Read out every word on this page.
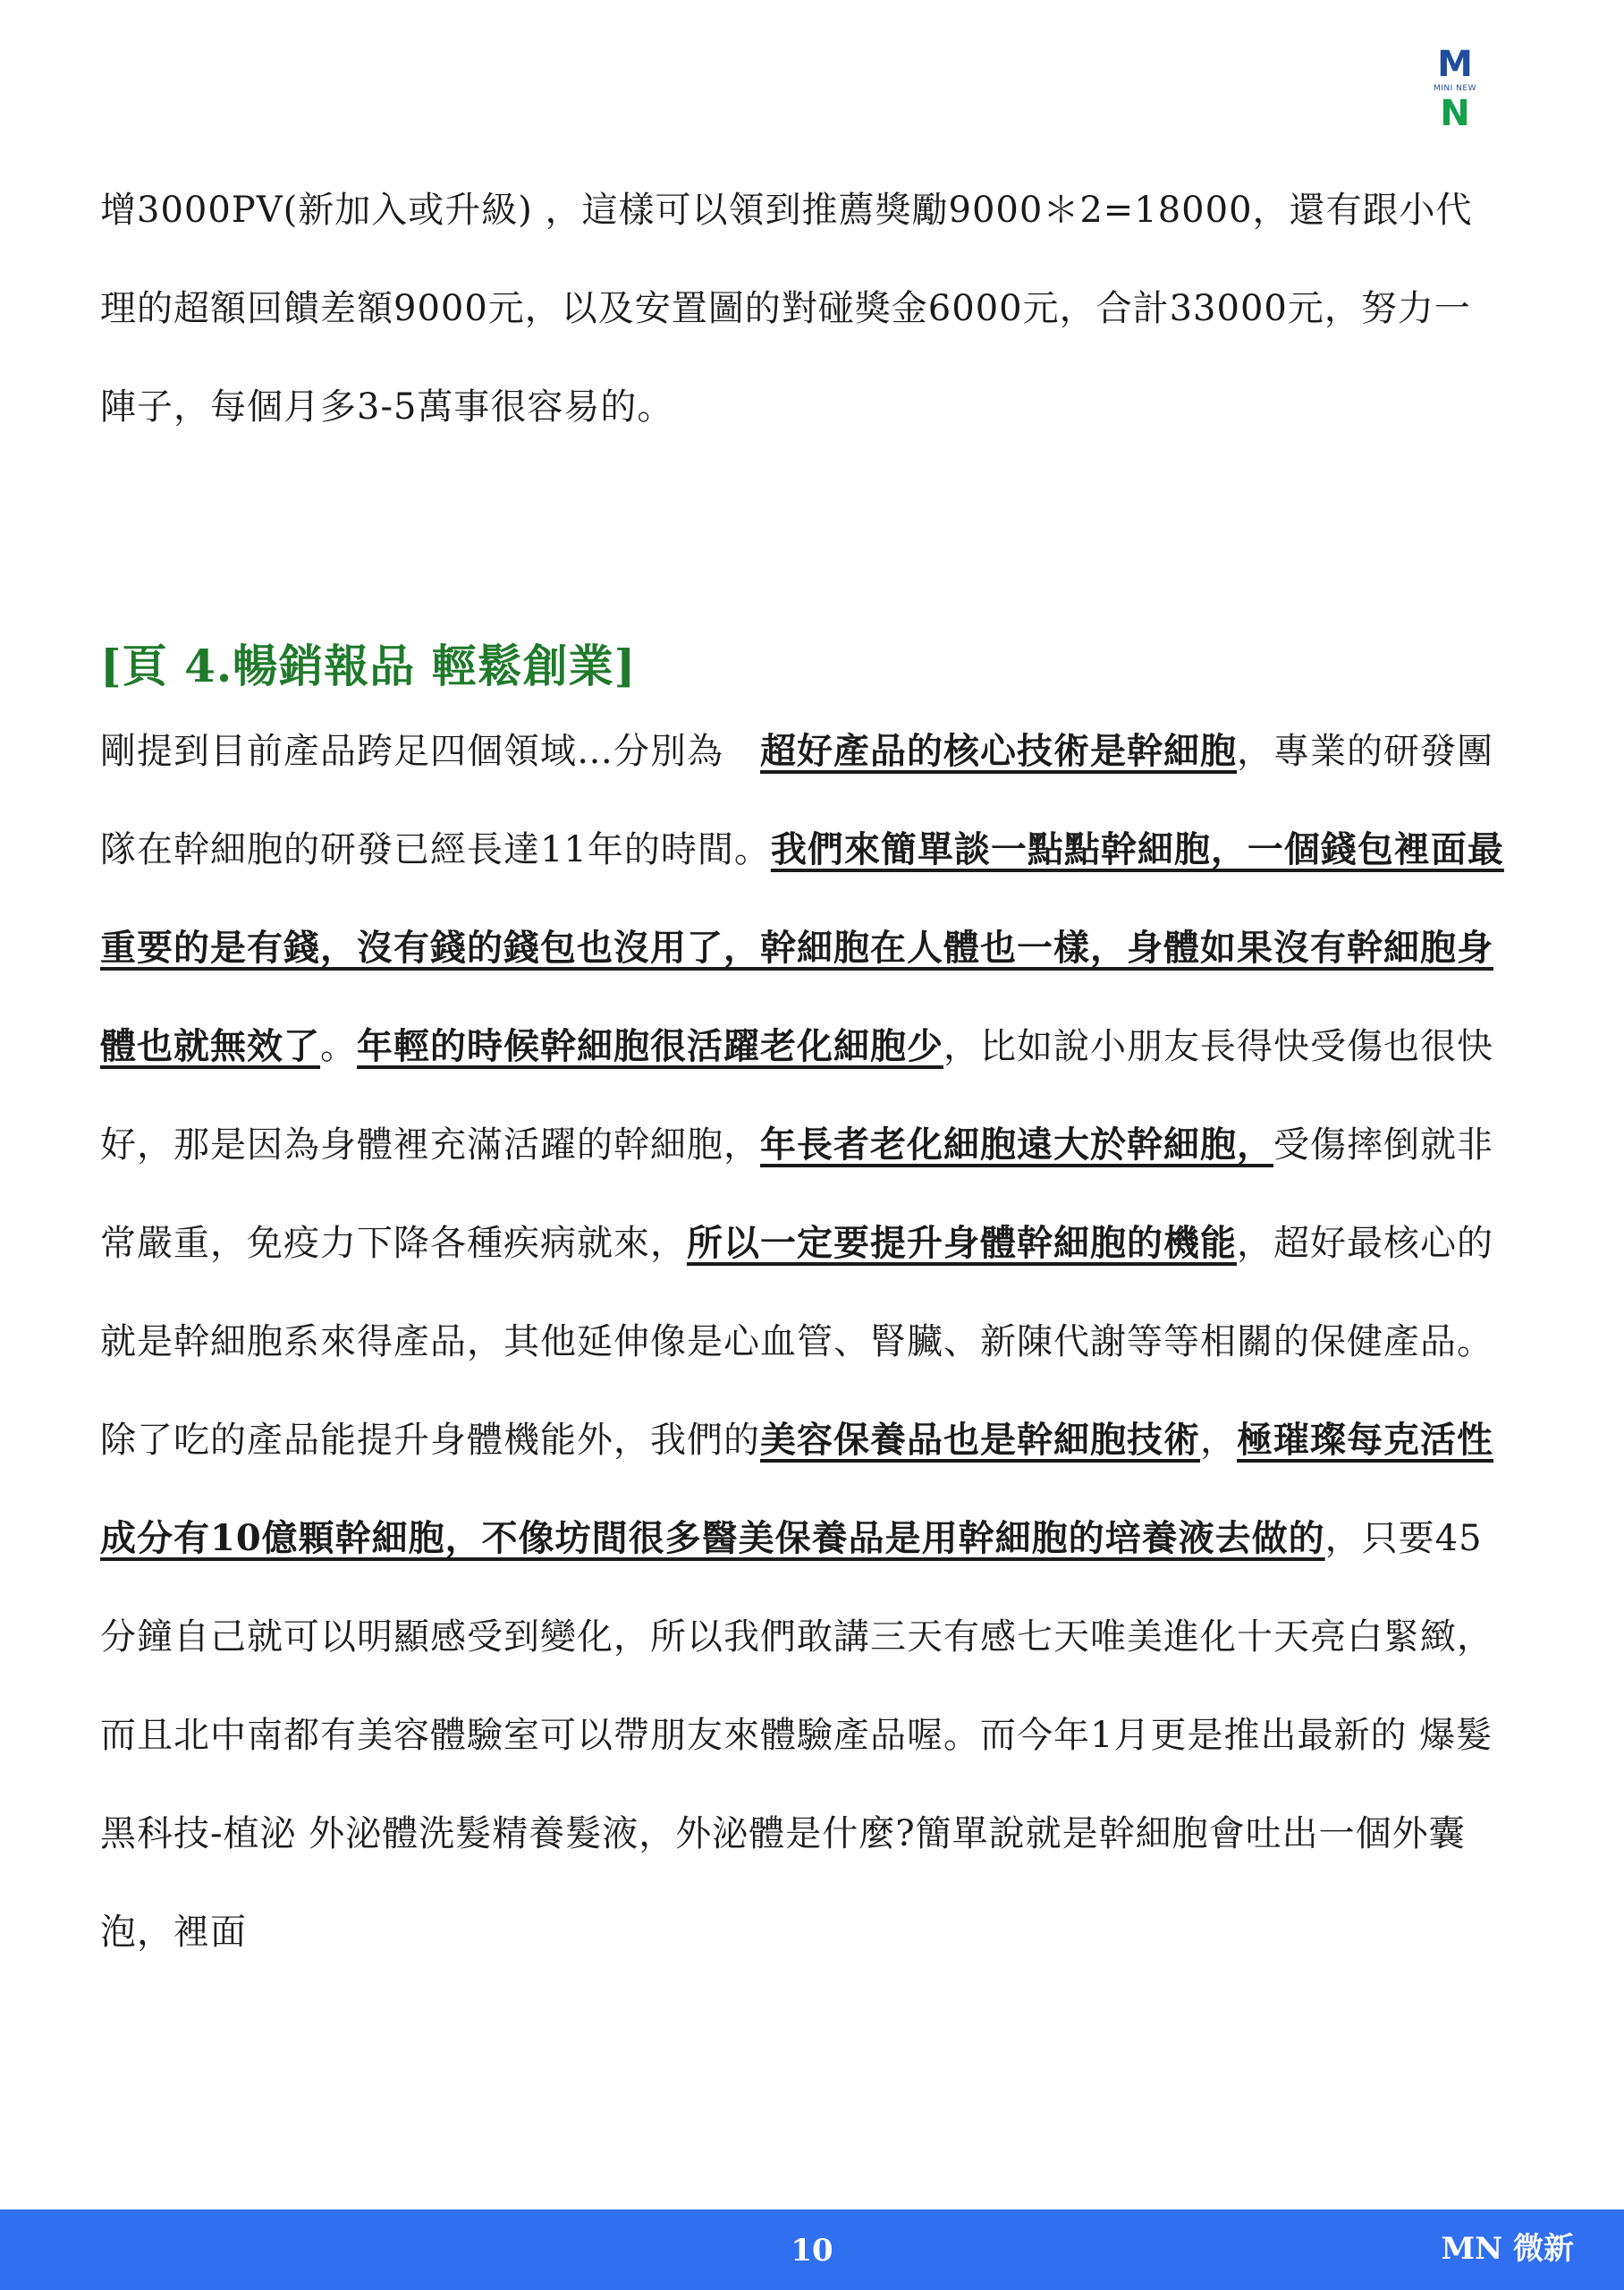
M
MINI NEW
N

增3000PV(新加入或升級) ，這樣可以領到推薦獎勵9000＊2=18000，還有跟小代理的超額回饋差額9000元，以及安置圖的對碰獎金6000元，合計33000元，努力一陣子，每個月多3-5萬事很容易的。

[頁 4.暢銷報品 輕鬆創業]

剛提到目前產品跨足四個領域…分別為　超好產品的核心技術是幹細胞，專業的研發團隊在幹細胞的研發已經長達11年的時間。我們來簡單談一點點幹細胞，一個錢包裡面最重要的是有錢，沒有錢的錢包也沒用了，幹細胞在人體也一樣，身體如果沒有幹細胞身體也就無效了。年輕的時候幹細胞很活躍老化細胞少，比如說小朋友長得快受傷也很快好，那是因為身體裡充滿活躍的幹細胞，年長者老化細胞遠大於幹細胞，受傷摔倒就非常嚴重，免疫力下降各種疾病就來，所以一定要提升身體幹細胞的機能，超好最核心的就是幹細胞系來得產品，其他延伸像是心血管、腎臟、新陳代謝等等相關的保健產品。

除了吃的產品能提升身體機能外，我們的美容保養品也是幹細胞技術，極璀璨每克活性成分有10億顆幹細胞，不像坊間很多醫美保養品是用幹細胞的培養液去做的，只要45分鐘自己就可以明顯感受到變化，所以我們敢講三天有感七天唯美進化十天亮白緊緻，而且北中南都有美容體驗室可以帶朋友來體驗產品喔。而今年1月更是推出最新的 爆髮黑科技-植泌 外泌體洗髮精養髮液，外泌體是什麼?簡單說就是幹細胞會吐出一個外囊泡，裡面

10	MN 微新
